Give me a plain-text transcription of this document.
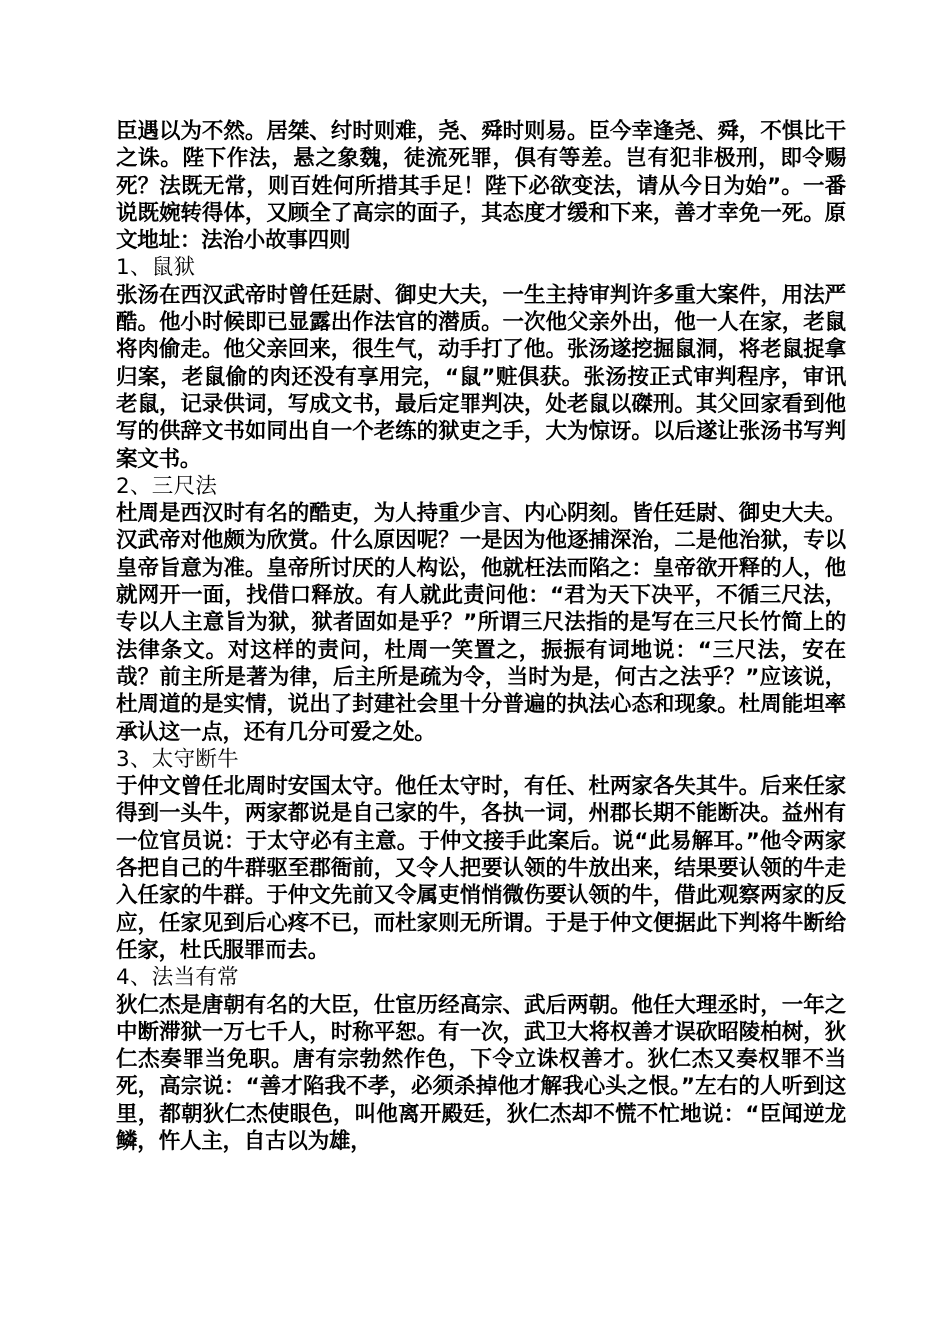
臣遇以为不然。居桀、纣时则难，尧、舜时则易。臣今幸逢尧、舜，不惧比干之诛。陛下作法，悬之象魏，徒流死罪，俱有等差。岂有犯非极刑，即令赐死？法既无常，则百姓何所措其手足！陛下必欲变法，请从今日为始”。一番说既婉转得体，又顾全了高宗的面子，其态度才缓和下来，善才幸免一死。原文地址：法治小故事四则

1、鼠狱

张汤在西汉武帝时曾任廷尉、御史大夫，一生主持审判许多重大案件，用法严酷。他小时候即已显露出作法官的潜质。一次他父亲外出，他一人在家，老鼠将肉偷走。他父亲回来，很生气，动手打了他。张汤遂挖掘鼠洞，将老鼠捉拿归案，老鼠偷的肉还没有享用完，“鼠”赃俱获。张汤按正式审判程序，审讯老鼠，记录供词，写成文书，最后定罪判决，处老鼠以磔刑。其父回家看到他写的供辞文书如同出自一个老练的狱吏之手，大为惊讶。以后遂让张汤书写判案文书。

2、三尺法

杜周是西汉时有名的酷吏，为人持重少言、内心阴刻。皆任廷尉、御史大夫。汉武帝对他颇为欣赏。什么原因呢？一是因为他逐捕深治，二是他治狱，专以皇帝旨意为准。皇帝所讨厌的人构讼，他就枉法而陷之：皇帝欲开释的人，他就网开一面，找借口释放。有人就此责问他：“君为天下决平，不循三尺法，专以人主意旨为狱，狱者固如是乎？”所谓三尺法指的是写在三尺长竹简上的法律条文。对这样的责问，杜周一笑置之，振振有词地说：“三尺法，安在哉？前主所是著为律，后主所是疏为令，当时为是，何古之法乎？”应该说，杜周道的是实情，说出了封建社会里十分普遍的执法心态和现象。杜周能坦率承认这一点，还有几分可爱之处。

3、太守断牛

于仲文曾任北周时安国太守。他任太守时，有任、杜两家各失其牛。后来任家得到一头牛，两家都说是自己家的牛，各执一词，州郡长期不能断决。益州有一位官员说：于太守必有主意。于仲文接手此案后。说“此易解耳。”他令两家各把自己的牛群驱至郡衙前，又令人把要认领的牛放出来，结果要认领的牛走入任家的牛群。于仲文先前又令属吏悄悄微伤要认领的牛，借此观察两家的反应，任家见到后心疼不已，而杜家则无所谓。于是于仲文便据此下判将牛断给任家，杜氏服罪而去。

4、法当有常

狄仁杰是唐朝有名的大臣，仕宦历经高宗、武后两朝。他任大理丞时，一年之中断滞狱一万七千人，时称平恕。有一次，武卫大将权善才误砍昭陵柏树，狄仁杰奏罪当免职。唐有宗勃然作色，下令立诛权善才。狄仁杰又奏权罪不当死，高宗说：“善才陷我不孝，必须杀掉他才解我心头之恨。”左右的人听到这里，都朝狄仁杰使眼色，叫他离开殿廷，狄仁杰却不慌不忙地说：“臣闻逆龙鳞，忤人主，自古以为雄，
